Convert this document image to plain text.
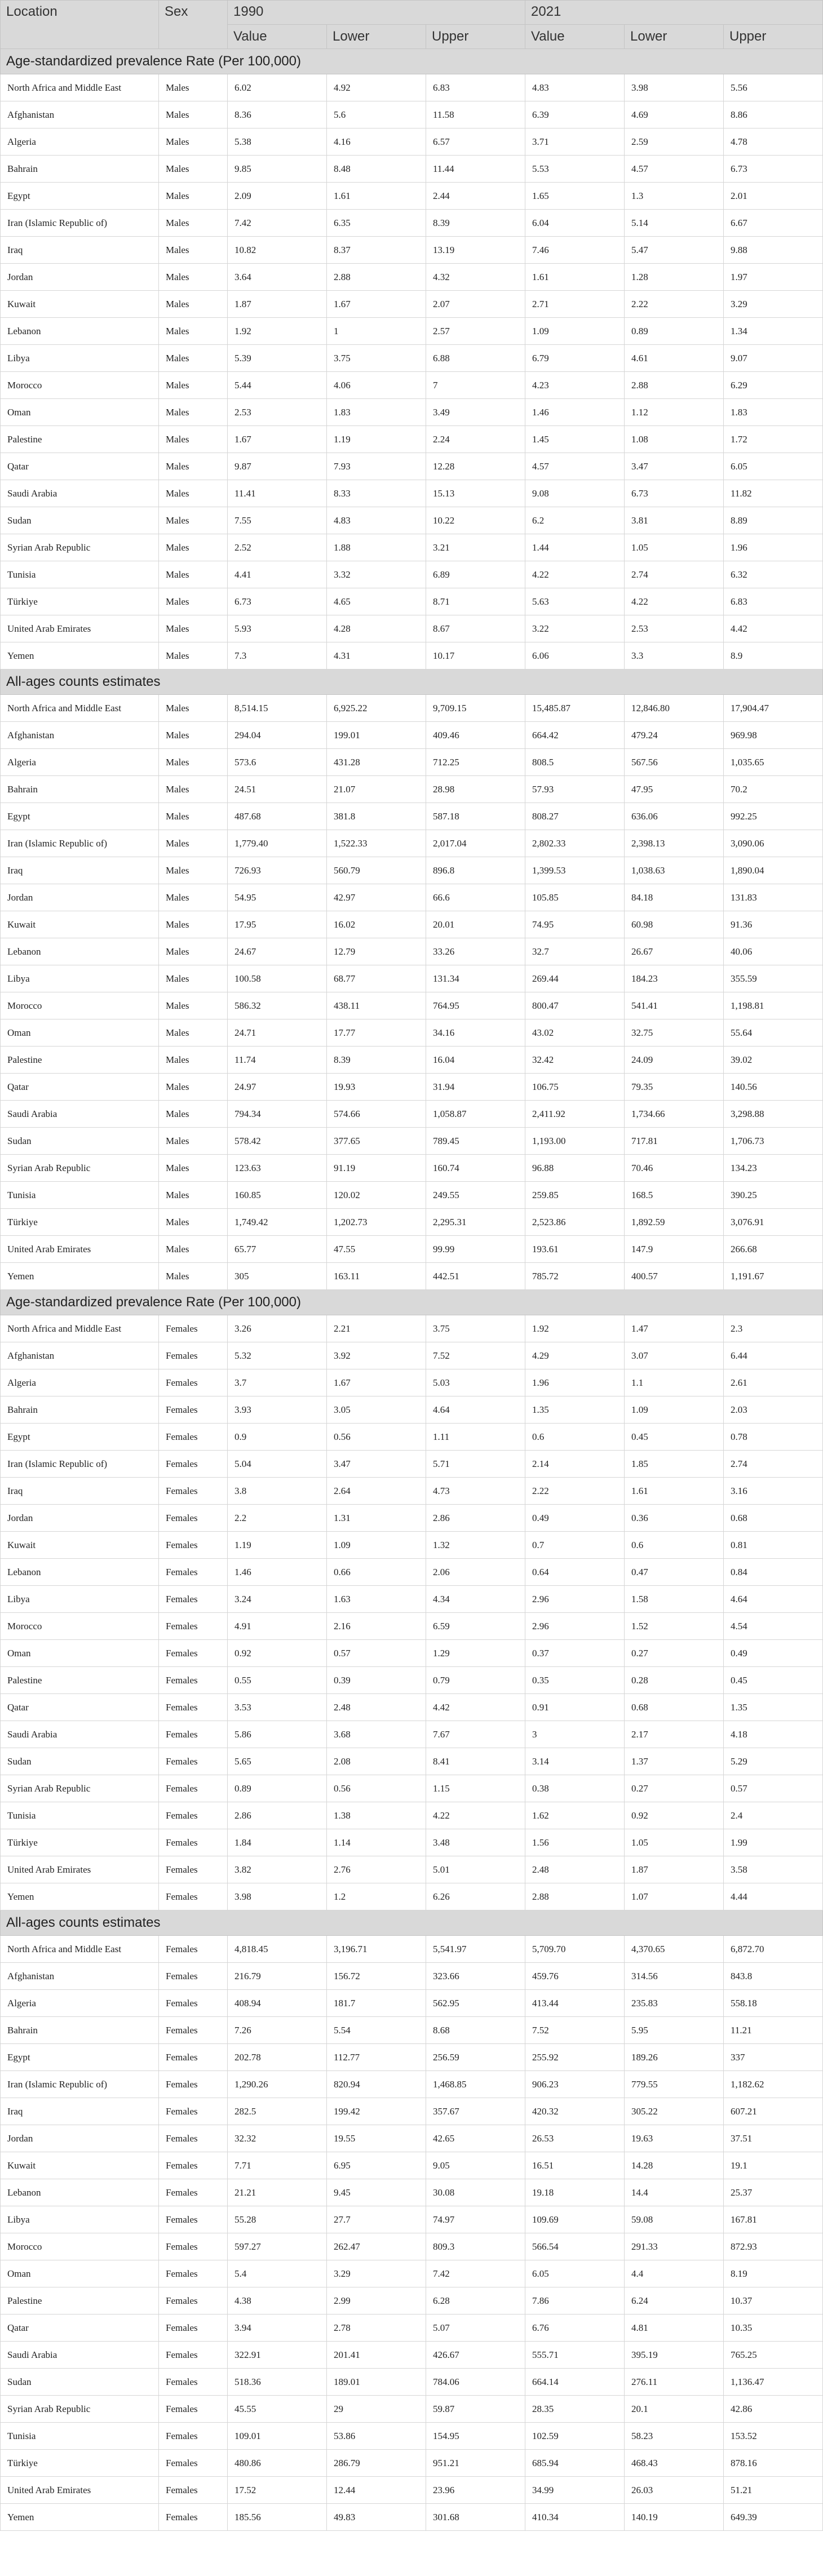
Location	Sex	1990			2021		
		Value	Lower	Upper	Value	Lower	Upper
Age-standardized prevalence Rate (Per 100,000)							
North Africa and Middle East	Males	6.02	4.92	6.83	4.83	3.98	5.56
Afghanistan	Males	8.36	5.6	11.58	6.39	4.69	8.86
Algeria	Males	5.38	4.16	6.57	3.71	2.59	4.78
Bahrain	Males	9.85	8.48	11.44	5.53	4.57	6.73
Egypt	Males	2.09	1.61	2.44	1.65	1.3	2.01
Iran (Islamic Republic of)	Males	7.42	6.35	8.39	6.04	5.14	6.67
Iraq	Males	10.82	8.37	13.19	7.46	5.47	9.88
Jordan	Males	3.64	2.88	4.32	1.61	1.28	1.97
Kuwait	Males	1.87	1.67	2.07	2.71	2.22	3.29
Lebanon	Males	1.92	1	2.57	1.09	0.89	1.34
Libya	Males	5.39	3.75	6.88	6.79	4.61	9.07
Morocco	Males	5.44	4.06	7	4.23	2.88	6.29
Oman	Males	2.53	1.83	3.49	1.46	1.12	1.83
Palestine	Males	1.67	1.19	2.24	1.45	1.08	1.72
Qatar	Males	9.87	7.93	12.28	4.57	3.47	6.05
Saudi Arabia	Males	11.41	8.33	15.13	9.08	6.73	11.82
Sudan	Males	7.55	4.83	10.22	6.2	3.81	8.89
Syrian Arab Republic	Males	2.52	1.88	3.21	1.44	1.05	1.96
Tunisia	Males	4.41	3.32	6.89	4.22	2.74	6.32
Türkiye	Males	6.73	4.65	8.71	5.63	4.22	6.83
United Arab Emirates	Males	5.93	4.28	8.67	3.22	2.53	4.42
Yemen	Males	7.3	4.31	10.17	6.06	3.3	8.9
All-ages counts estimates							
North Africa and Middle East	Males	8,514.15	6,925.22	9,709.15	15,485.87	12,846.80	17,904.47
Afghanistan	Males	294.04	199.01	409.46	664.42	479.24	969.98
Algeria	Males	573.6	431.28	712.25	808.5	567.56	1,035.65
Bahrain	Males	24.51	21.07	28.98	57.93	47.95	70.2
Egypt	Males	487.68	381.8	587.18	808.27	636.06	992.25
Iran (Islamic Republic of)	Males	1,779.40	1,522.33	2,017.04	2,802.33	2,398.13	3,090.06
Iraq	Males	726.93	560.79	896.8	1,399.53	1,038.63	1,890.04
Jordan	Males	54.95	42.97	66.6	105.85	84.18	131.83
Kuwait	Males	17.95	16.02	20.01	74.95	60.98	91.36
Lebanon	Males	24.67	12.79	33.26	32.7	26.67	40.06
Libya	Males	100.58	68.77	131.34	269.44	184.23	355.59
Morocco	Males	586.32	438.11	764.95	800.47	541.41	1,198.81
Oman	Males	24.71	17.77	34.16	43.02	32.75	55.64
Palestine	Males	11.74	8.39	16.04	32.42	24.09	39.02
Qatar	Males	24.97	19.93	31.94	106.75	79.35	140.56
Saudi Arabia	Males	794.34	574.66	1,058.87	2,411.92	1,734.66	3,298.88
Sudan	Males	578.42	377.65	789.45	1,193.00	717.81	1,706.73
Syrian Arab Republic	Males	123.63	91.19	160.74	96.88	70.46	134.23
Tunisia	Males	160.85	120.02	249.55	259.85	168.5	390.25
Türkiye	Males	1,749.42	1,202.73	2,295.31	2,523.86	1,892.59	3,076.91
United Arab Emirates	Males	65.77	47.55	99.99	193.61	147.9	266.68
Yemen	Males	305	163.11	442.51	785.72	400.57	1,191.67
Age-standardized prevalence Rate (Per 100,000)							
North Africa and Middle East	Females	3.26	2.21	3.75	1.92	1.47	2.3
Afghanistan	Females	5.32	3.92	7.52	4.29	3.07	6.44
Algeria	Females	3.7	1.67	5.03	1.96	1.1	2.61
Bahrain	Females	3.93	3.05	4.64	1.35	1.09	2.03
Egypt	Females	0.9	0.56	1.11	0.6	0.45	0.78
Iran (Islamic Republic of)	Females	5.04	3.47	5.71	2.14	1.85	2.74
Iraq	Females	3.8	2.64	4.73	2.22	1.61	3.16
Jordan	Females	2.2	1.31	2.86	0.49	0.36	0.68
Kuwait	Females	1.19	1.09	1.32	0.7	0.6	0.81
Lebanon	Females	1.46	0.66	2.06	0.64	0.47	0.84
Libya	Females	3.24	1.63	4.34	2.96	1.58	4.64
Morocco	Females	4.91	2.16	6.59	2.96	1.52	4.54
Oman	Females	0.92	0.57	1.29	0.37	0.27	0.49
Palestine	Females	0.55	0.39	0.79	0.35	0.28	0.45
Qatar	Females	3.53	2.48	4.42	0.91	0.68	1.35
Saudi Arabia	Females	5.86	3.68	7.67	3	2.17	4.18
Sudan	Females	5.65	2.08	8.41	3.14	1.37	5.29
Syrian Arab Republic	Females	0.89	0.56	1.15	0.38	0.27	0.57
Tunisia	Females	2.86	1.38	4.22	1.62	0.92	2.4
Türkiye	Females	1.84	1.14	3.48	1.56	1.05	1.99
United Arab Emirates	Females	3.82	2.76	5.01	2.48	1.87	3.58
Yemen	Females	3.98	1.2	6.26	2.88	1.07	4.44
All-ages counts estimates							
North Africa and Middle East	Females	4,818.45	3,196.71	5,541.97	5,709.70	4,370.65	6,872.70
Afghanistan	Females	216.79	156.72	323.66	459.76	314.56	843.8
Algeria	Females	408.94	181.7	562.95	413.44	235.83	558.18
Bahrain	Females	7.26	5.54	8.68	7.52	5.95	11.21
Egypt	Females	202.78	112.77	256.59	255.92	189.26	337
Iran (Islamic Republic of)	Females	1,290.26	820.94	1,468.85	906.23	779.55	1,182.62
Iraq	Females	282.5	199.42	357.67	420.32	305.22	607.21
Jordan	Females	32.32	19.55	42.65	26.53	19.63	37.51
Kuwait	Females	7.71	6.95	9.05	16.51	14.28	19.1
Lebanon	Females	21.21	9.45	30.08	19.18	14.4	25.37
Libya	Females	55.28	27.7	74.97	109.69	59.08	167.81
Morocco	Females	597.27	262.47	809.3	566.54	291.33	872.93
Oman	Females	5.4	3.29	7.42	6.05	4.4	8.19
Palestine	Females	4.38	2.99	6.28	7.86	6.24	10.37
Qatar	Females	3.94	2.78	5.07	6.76	4.81	10.35
Saudi Arabia	Females	322.91	201.41	426.67	555.71	395.19	765.25
Sudan	Females	518.36	189.01	784.06	664.14	276.11	1,136.47
Syrian Arab Republic	Females	45.55	29	59.87	28.35	20.1	42.86
Tunisia	Females	109.01	53.86	154.95	102.59	58.23	153.52
Türkiye	Females	480.86	286.79	951.21	685.94	468.43	878.16
United Arab Emirates	Females	17.52	12.44	23.96	34.99	26.03	51.21
Yemen	Females	185.56	49.83	301.68	410.34	140.19	649.39
